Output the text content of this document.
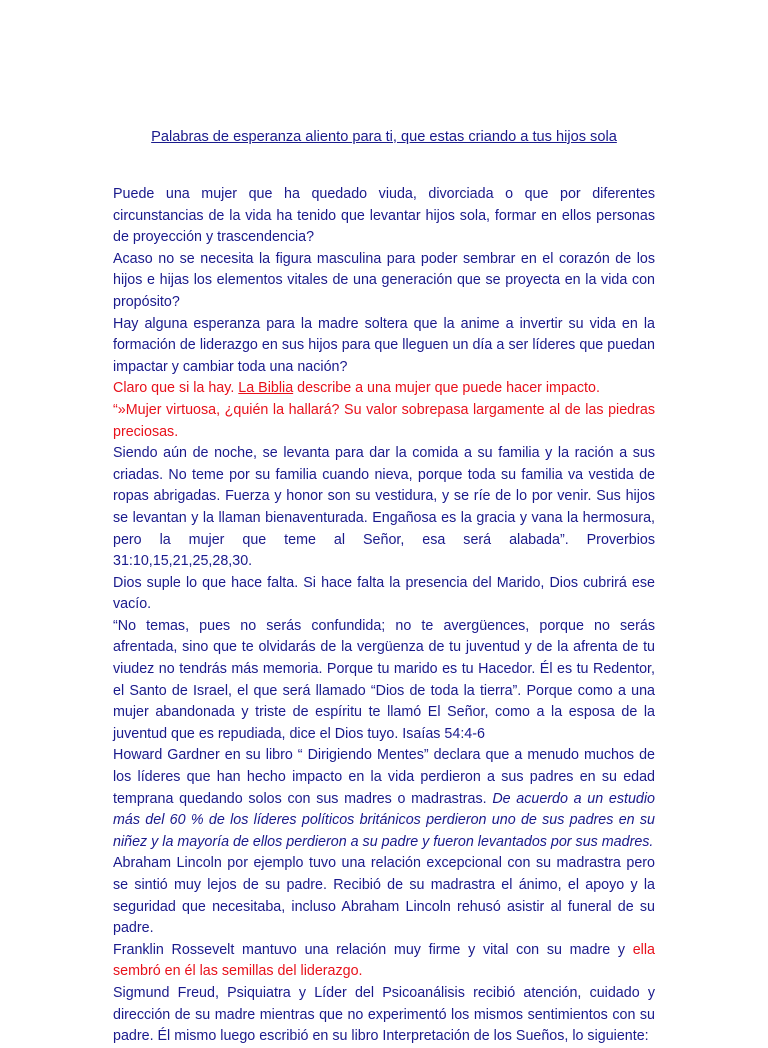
Palabras de esperanza aliento para ti, que estas criando a tus hijos sola

Puede una mujer que ha quedado viuda, divorciada o que por diferentes circunstancias de la vida ha tenido que levantar hijos sola, formar en ellos personas de proyección y trascendencia?

Acaso no se necesita la figura masculina para poder sembrar en el corazón de los hijos e hijas los elementos vitales de una generación que se proyecta en la vida con propósito?

Hay alguna esperanza para la madre soltera que la anime a invertir su vida en la formación de liderazgo en sus hijos para que lleguen un día a ser líderes que puedan impactar y cambiar toda una nación?

Claro que si la hay. La Biblia describe a una mujer que puede hacer impacto.

“»Mujer virtuosa, ¿quién la hallará? Su valor sobrepasa largamente al de las piedras preciosas.

Siendo aún de noche, se levanta para dar la comida a su familia y la ración a sus criadas. No teme por su familia cuando nieva, porque toda su familia va vestida de ropas abrigadas. Fuerza y honor son su vestidura, y se ríe de lo por venir. Sus hijos se levantan y la llaman bienaventurada. Engañosa es la gracia y vana la hermosura, pero la mujer que teme al Señor, esa será alabada”. Proverbios 31:10,15,21,25,28,30.

Dios suple lo que hace falta. Si hace falta la presencia del Marido, Dios cubrirá ese vacío.

“No temas, pues no serás confundida; no te avergüences, porque no serás afrentada, sino que te olvidarás de la vergüenza de tu juventud y de la afrenta de tu viudez no tendrás más memoria. Porque tu marido es tu Hacedor. Él es tu Redentor, el Santo de Israel, el que será llamado “Dios de toda la tierra”. Porque como a una mujer abandonada y triste de espíritu te llamó El Señor, como a la esposa de la juventud que es repudiada, dice el Dios tuyo. Isaías 54:4-6

Howard Gardner en su libro “ Dirigiendo Mentes” declara que a menudo muchos de los líderes que han hecho impacto en la vida perdieron a sus padres en su edad temprana quedando solos con sus madres o madrastras. De acuerdo a un estudio más del 60 % de los líderes políticos británicos perdieron uno de sus padres en su niñez y la mayoría de ellos perdieron a su padre y fueron levantados por sus madres.

Abraham Lincoln por ejemplo tuvo una relación excepcional con su madrastra pero se sintió muy lejos de su padre. Recibió de su madrastra el ánimo, el apoyo y la seguridad que necesitaba, incluso Abraham Lincoln rehusó asistir al funeral de su padre.

Franklin Rossevelt mantuvo una relación muy firme y vital con su madre y ella sembró en él las semillas del liderazgo.

Sigmund Freud, Psiquiatra y Líder del Psicoanálisis recibió atención, cuidado y dirección de su madre mientras que no experimentó los mismos sentimientos con su padre. Él mismo luego escribió en su libro Interpretación de los Sueños, lo siguiente:
